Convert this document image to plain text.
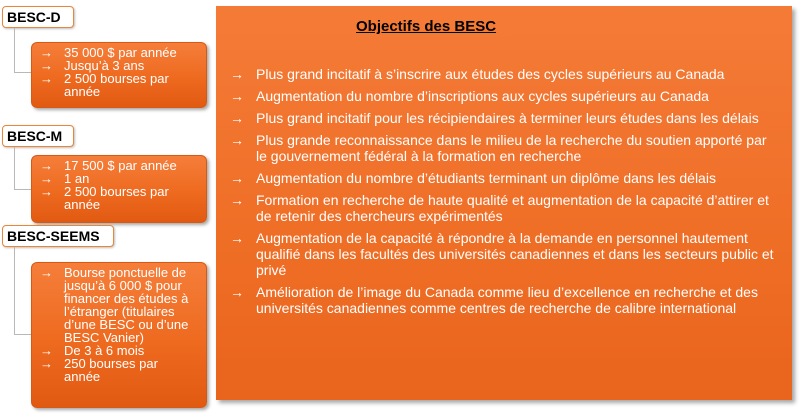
BESC-D
→ 35 000 $ par année
→ Jusqu’à 3 ans
→ 2 500 bourses par année
BESC-M
→ 17 500 $ par année
→ 1 an
→ 2 500 bourses par année
BESC-SEEMS
→ Bourse ponctuelle de jusqu’à 6 000 $ pour financer des études à l’étranger (titulaires d’une BESC ou d’une BESC Vanier)
→ De 3 à 6 mois
→ 250 bourses par année
Objectifs des BESC
→ Plus grand incitatif à s’inscrire aux études des cycles supérieurs au Canada
→ Augmentation du nombre d’inscriptions aux cycles supérieurs au Canada
→ Plus grand incitatif pour les récipiendaires à terminer leurs études dans les délais
→ Plus grande reconnaissance dans le milieu de la recherche du soutien apporté par le gouvernement fédéral à la formation en recherche
→ Augmentation du nombre d’étudiants terminant un diplôme dans les délais
→ Formation en recherche de haute qualité et augmentation de la capacité d’attirer et de retenir des chercheurs expérimentés
→ Augmentation de la capacité à répondre à la demande en personnel hautement qualifié dans les facultés des universités canadiennes et dans les secteurs public et privé
→ Amélioration de l’image du Canada comme lieu d’excellence en recherche et des universités canadiennes comme centres de recherche de calibre international
